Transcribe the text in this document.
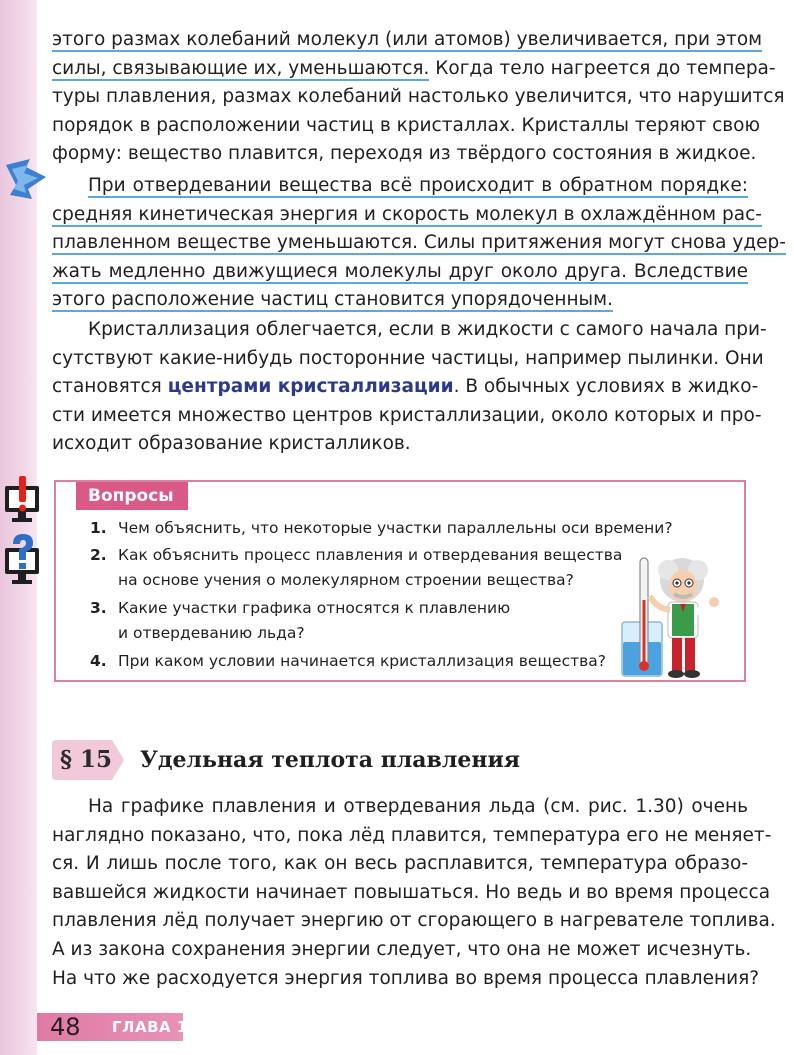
этого размах колебаний молекул (или атомов) увеличивается, при этом
силы, связывающие их, уменьшаются. Когда тело нагреется до темпера-
туры плавления, размах колебаний настолько увеличится, что нарушится
порядок в расположении частиц в кристаллах. Кристаллы теряют свою
форму: вещество плавится, переходя из твёрдого состояния в жидкое.
При отвердевании вещества всё происходит в обратном порядке:
средняя кинетическая энергия и скорость молекул в охлаждённом рас-
плавленном веществе уменьшаются. Силы притяжения могут снова удер-
жать медленно движущиеся молекулы друг около друга. Вследствие
этого расположение частиц становится упорядоченным.
Кристаллизация облегчается, если в жидкости с самого начала при-
сутствуют какие-нибудь посторонние частицы, например пылинки. Они
становятся центрами кристаллизации. В обычных условиях в жидко-
сти имеется множество центров кристаллизации, около которых и про-
исходит образование кристалликов.
Вопросы
1. Чем объяснить, что некоторые участки параллельны оси времени?
2. Как объяснить процесс плавления и отвердевания вещества
на основе учения о молекулярном строении вещества?
3. Какие участки графика относятся к плавлению
и отвердеванию льда?
4. При каком условии начинается кристаллизация вещества?
§ 15 Удельная теплота плавления
На графике плавления и отвердевания льда (см. рис. 1.30) очень
наглядно показано, что, пока лёд плавится, температура его не меняет-
ся. И лишь после того, как он весь расплавится, температура образо-
вавшейся жидкости начинает повышаться. Но ведь и во время процесса
плавления лёд получает энергию от сгорающего в нагревателе топлива.
А из закона сохранения энергии следует, что она не может исчезнуть.
На что же расходуется энергия топлива во время процесса плавления?
48 ГЛАВА 1
